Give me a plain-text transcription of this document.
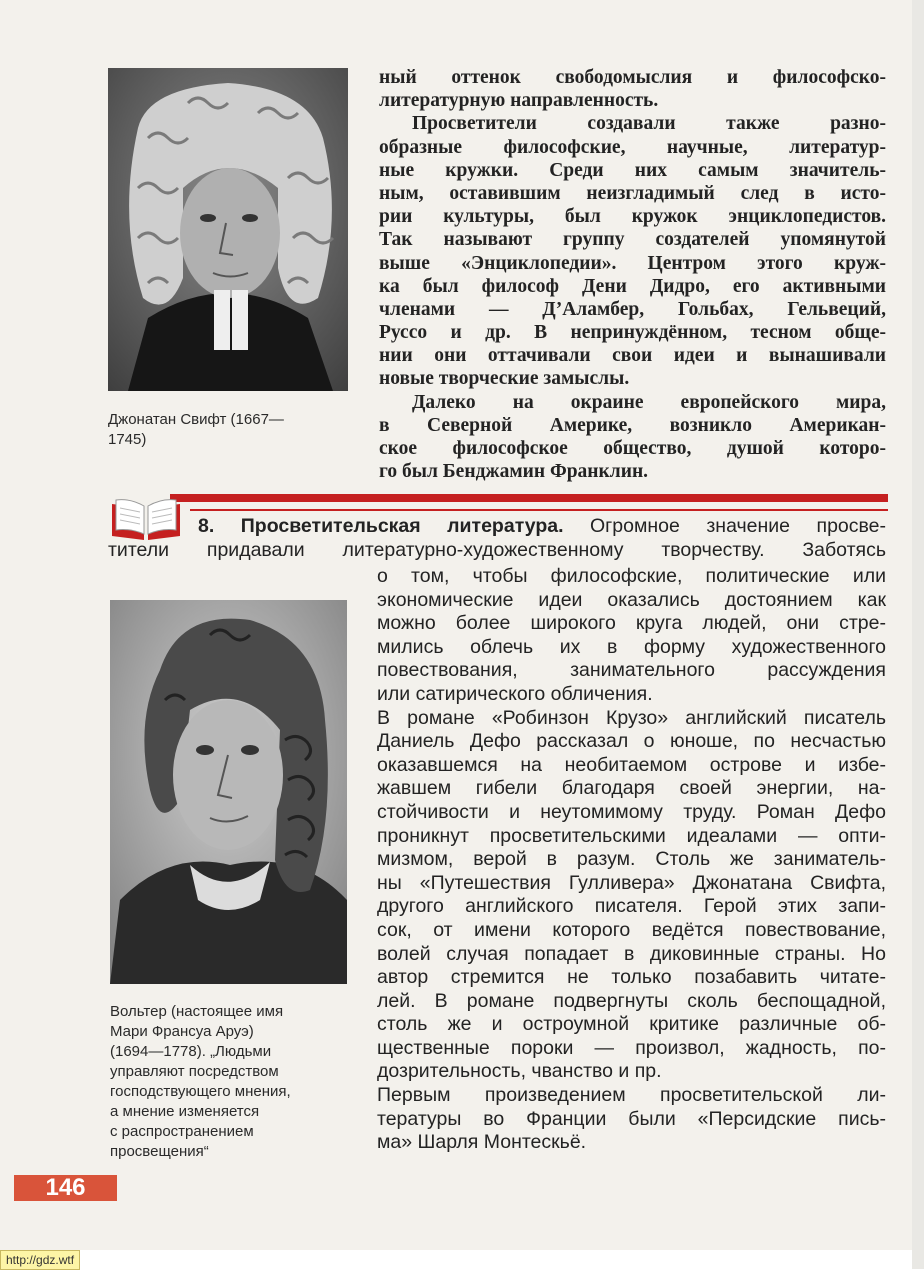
Джонатан Свифт (1667—
1745)
ный оттенок свободомыслия и философско-
литературную направленность.
Просветители создавали также разно-
образные философские, научные, литератур-
ные кружки. Среди них самым значитель-
ным, оставившим неизгладимый след в исто-
рии культуры, был кружок энциклопедистов.
Так называют группу создателей упомянутой
выше «Энциклопедии». Центром этого круж-
ка был философ Дени Дидро, его активными
членами — Д’Аламбер, Гольбах, Гельвеций,
Руссо и др. В непринуждённом, тесном обще-
нии они оттачивали свои идеи и вынашивали
новые творческие замыслы.
Далеко на окраине европейского мира,
в Северной Америке, возникло Американ-
ское философское общество, душой которо-
го был Бенджамин Франклин.
8. Просветительская литература. Огромное значение просве-
тители придавали литературно-художественному творчеству. Заботясь
Вольтер (настоящее имя
Мари Франсуа Аруэ)
(1694—1778). „Людьми
управляют посредством
господствующего мнения,
а мнение изменяется
с распространением
просвещения“
о том, чтобы философские, политические или
экономические идеи оказались достоянием как
можно более широкого круга людей, они стре-
мились облечь их в форму художественного
повествования, занимательного рассуждения
или сатирического обличения.
В романе «Робинзон Крузо» английский писатель
Даниель Дефо рассказал о юноше, по несчастью
оказавшемся на необитаемом острове и избе-
жавшем гибели благодаря своей энергии, на-
стойчивости и неутомимому труду. Роман Дефо
проникнут просветительскими идеалами — опти-
мизмом, верой в разум. Столь же заниматель-
ны «Путешествия Гулливера» Джонатана Свифта,
другого английского писателя. Герой этих запи-
сок, от имени которого ведётся повествование,
волей случая попадает в диковинные страны. Но
автор стремится не только позабавить читате-
лей. В романе подвергнуты сколь беспощадной,
столь же и остроумной критике различные об-
щественные пороки — произвол, жадность, по-
дозрительность, чванство и пр.
Первым произведением просветительской ли-
тературы во Франции были «Персидские пись-
ма» Шарля Монтескьё.
146
http://gdz.wtf
